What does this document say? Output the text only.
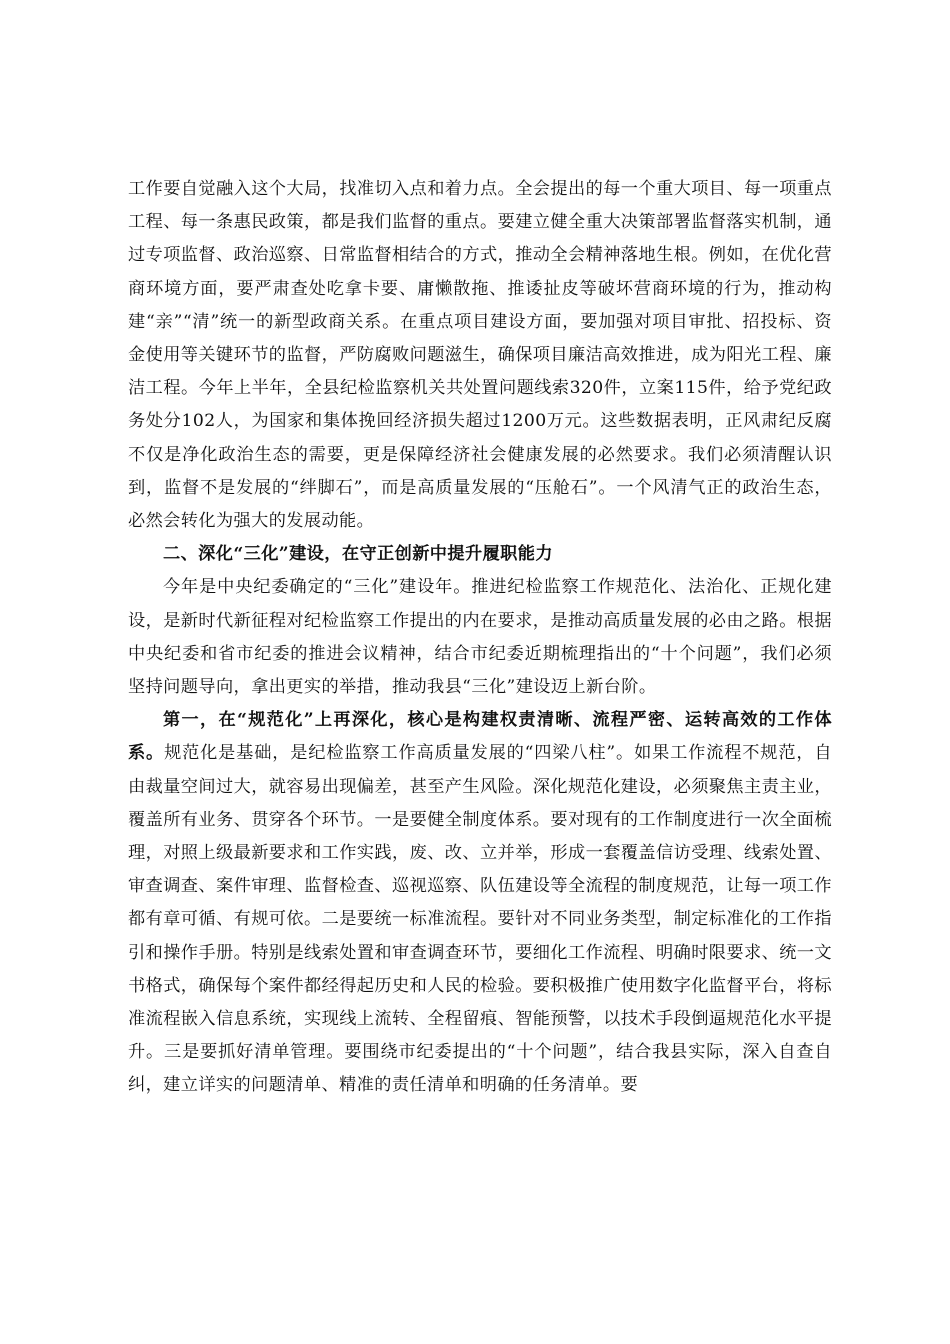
工作要自觉融入这个大局，找准切入点和着力点。全会提出的每一个重大项目、每一项重点工程、每一条惠民政策，都是我们监督的重点。要建立健全重大决策部署监督落实机制，通过专项监督、政治巡察、日常监督相结合的方式，推动全会精神落地生根。例如，在优化营商环境方面，要严肃查处吃拿卡要、庸懒散拖、推诿扯皮等破坏营商环境的行为，推动构建“亲”“清”统一的新型政商关系。在重点项目建设方面，要加强对项目审批、招投标、资金使用等关键环节的监督，严防腐败问题滋生，确保项目廉洁高效推进，成为阳光工程、廉洁工程。今年上半年，全县纪检监察机关共处置问题线索320件，立案115件，给予党纪政务处分102人，为国家和集体挽回经济损失超过1200万元。这些数据表明，正风肃纪反腐不仅是净化政治生态的需要，更是保障经济社会健康发展的必然要求。我们必须清醒认识到，监督不是发展的“绊脚石”，而是高质量发展的“压舱石”。一个风清气正的政治生态，必然会转化为强大的发展动能。

二、深化“三化”建设，在守正创新中提升履职能力

今年是中央纪委确定的“三化”建设年。推进纪检监察工作规范化、法治化、正规化建设，是新时代新征程对纪检监察工作提出的内在要求，是推动高质量发展的必由之路。根据中央纪委和省市纪委的推进会议精神，结合市纪委近期梳理指出的“十个问题”，我们必须坚持问题导向，拿出更实的举措，推动我县“三化”建设迈上新台阶。

第一，在“规范化”上再深化，核心是构建权责清晰、流程严密、运转高效的工作体系。规范化是基础，是纪检监察工作高质量发展的“四梁八柱”。如果工作流程不规范，自由裁量空间过大，就容易出现偏差，甚至产生风险。深化规范化建设，必须聚焦主责主业，覆盖所有业务、贯穿各个环节。一是要健全制度体系。要对现有的工作制度进行一次全面梳理，对照上级最新要求和工作实践，废、改、立并举，形成一套覆盖信访受理、线索处置、审查调查、案件审理、监督检查、巡视巡察、队伍建设等全流程的制度规范，让每一项工作都有章可循、有规可依。二是要统一标准流程。要针对不同业务类型，制定标准化的工作指引和操作手册。特别是线索处置和审查调查环节，要细化工作流程、明确时限要求、统一文书格式，确保每个案件都经得起历史和人民的检验。要积极推广使用数字化监督平台，将标准流程嵌入信息系统，实现线上流转、全程留痕、智能预警，以技术手段倒逼规范化水平提升。三是要抓好清单管理。要围绕市纪委提出的“十个问题”，结合我县实际，深入自查自纠，建立详实的问题清单、精准的责任清单和明确的任务清单。要
